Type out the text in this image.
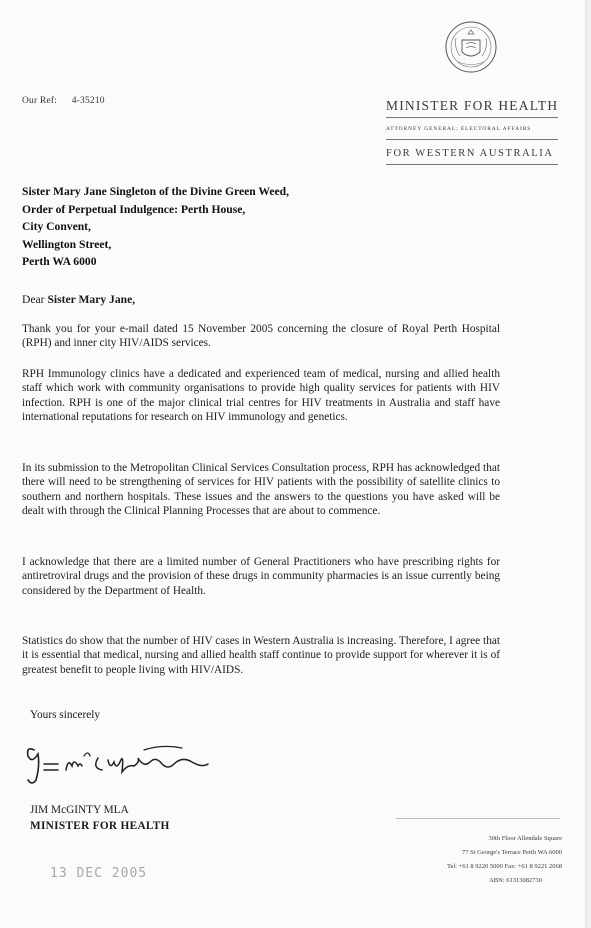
Our Ref: 4-35210	MINISTER FOR HEALTH
ATTORNEY GENERAL; ELECTORAL AFFAIRS
FOR WESTERN AUSTRALIA
Sister Mary Jane Singleton of the Divine Green Weed,
Order of Perpetual Indulgence: Perth House,
City Convent,
Wellington Street,
Perth WA 6000
Dear Sister Mary Jane,
Thank you for your e-mail dated 15 November 2005 concerning the closure of Royal Perth Hospital (RPH) and inner city HIV/AIDS services.
RPH Immunology clinics have a dedicated and experienced team of medical, nursing and allied health staff which work with community organisations to provide high quality services for patients with HIV infection. RPH is one of the major clinical trial centres for HIV treatments in Australia and staff have international reputations for research on HIV immunology and genetics.
In its submission to the Metropolitan Clinical Services Consultation process, RPH has acknowledged that there will need to be strengthening of services for HIV patients with the possibility of satellite clinics to southern and northern hospitals. These issues and the answers to the questions you have asked will be dealt with through the Clinical Planning Processes that are about to commence.
I acknowledge that there are a limited number of General Practitioners who have prescribing rights for antiretroviral drugs and the provision of these drugs in community pharmacies is an issue currently being considered by the Department of Health.
Statistics do show that the number of HIV cases in Western Australia is increasing. Therefore, I agree that it is essential that medical, nursing and allied health staff continue to provide support for wherever it is of greatest benefit to people living with HIV/AIDS.
Yours sincerely
JIM McGINTY MLA
MINISTER FOR HEALTH
13 DEC 2005
30th Floor Allendale Square
77 St George's Terrace Perth WA 6000
Tel: +61 8 9220 5000 Fax: +61 8 9221 2068
ABN: 61313082730
